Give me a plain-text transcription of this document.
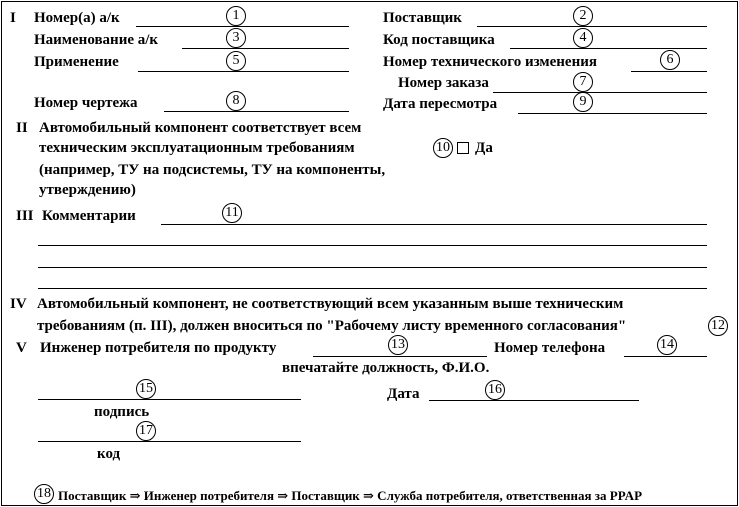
I Номер(а) а/к	1
Наименование а/к	3
Применение	5
Номер чертежа	8
Поставщик	2
Код поставщика	4
Номер технического изменения	6
Номер заказа	7
Дата пересмотра	9
II Автомобильный компонент соответствует всем
техническим эксплуатационным требованиям
(например, ТУ на подсистемы, ТУ на компоненты,
утверждению)
10 Да
III Комментарии	11
IV Автомобильный компонент, не соответствующий всем указанным выше техническим
требованиям (п. III), должен вноситься по "Рабочему листу временного согласования"	12
V Инженер потребителя по продукту	13	Номер телефона	14
впечатайте должность, Ф.И.О.
15
подпись
Дата	16
17
код
18 Поставщик ⇒ Инженер потребителя ⇒ Поставщик ⇒ Служба потребителя, ответственная за PPAP
